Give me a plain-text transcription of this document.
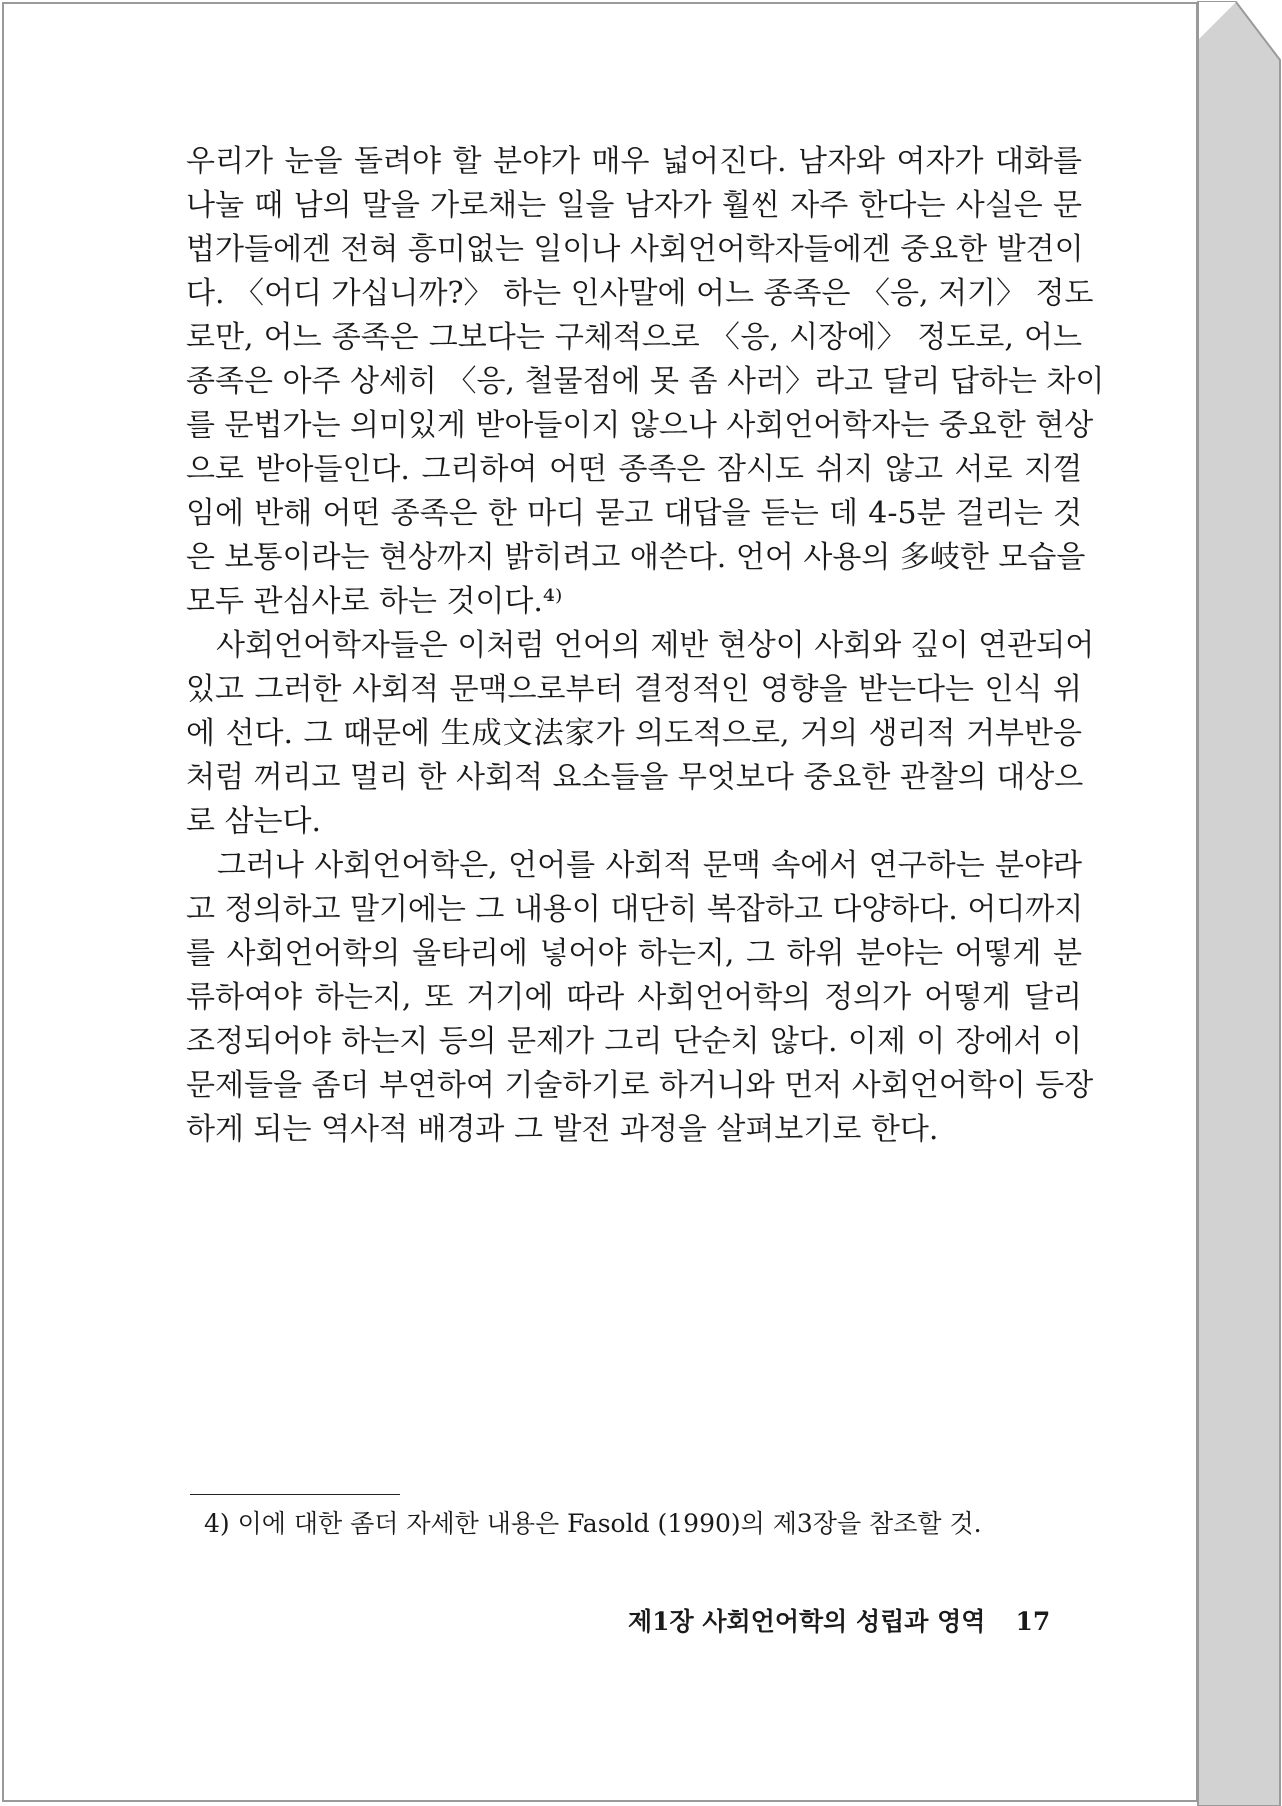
우리가 눈을 돌려야 할 분야가 매우 넓어진다. 남자와 여자가 대화를
나눌 때 남의 말을 가로채는 일을 남자가 훨씬 자주 한다는 사실은 문
법가들에겐 전혀 흥미없는 일이나 사회언어학자들에겐 중요한 발견이
다. 〈어디 가십니까?〉 하는 인사말에 어느 종족은 〈응, 저기〉 정도
로만, 어느 종족은 그보다는 구체적으로 〈응, 시장에〉 정도로, 어느
종족은 아주 상세히 〈응, 철물점에 못 좀 사러〉라고 달리 답하는 차이
를 문법가는 의미있게 받아들이지 않으나 사회언어학자는 중요한 현상
으로 받아들인다. 그리하여 어떤 종족은 잠시도 쉬지 않고 서로 지껄
임에 반해 어떤 종족은 한 마디 묻고 대답을 듣는 데 4-5분 걸리는 것
은 보통이라는 현상까지 밝히려고 애쓴다. 언어 사용의 多岐한 모습을
모두 관심사로 하는 것이다.⁴⁾
　사회언어학자들은 이처럼 언어의 제반 현상이 사회와 깊이 연관되어
있고 그러한 사회적 문맥으로부터 결정적인 영향을 받는다는 인식 위
에 선다. 그 때문에 生成文法家가 의도적으로, 거의 생리적 거부반응
처럼 꺼리고 멀리 한 사회적 요소들을 무엇보다 중요한 관찰의 대상으
로 삼는다.
　그러나 사회언어학은, 언어를 사회적 문맥 속에서 연구하는 분야라
고 정의하고 말기에는 그 내용이 대단히 복잡하고 다양하다. 어디까지
를 사회언어학의 울타리에 넣어야 하는지, 그 하위 분야는 어떻게 분
류하여야 하는지, 또 거기에 따라 사회언어학의 정의가 어떻게 달리
조정되어야 하는지 등의 문제가 그리 단순치 않다. 이제 이 장에서 이
문제들을 좀더 부연하여 기술하기로 하거니와 먼저 사회언어학이 등장
하게 되는 역사적 배경과 그 발전 과정을 살펴보기로 한다.
4) 이에 대한 좀더 자세한 내용은 Fasold (1990)의 제3장을 참조할 것.
제1장 사회언어학의 성립과 영역 17
